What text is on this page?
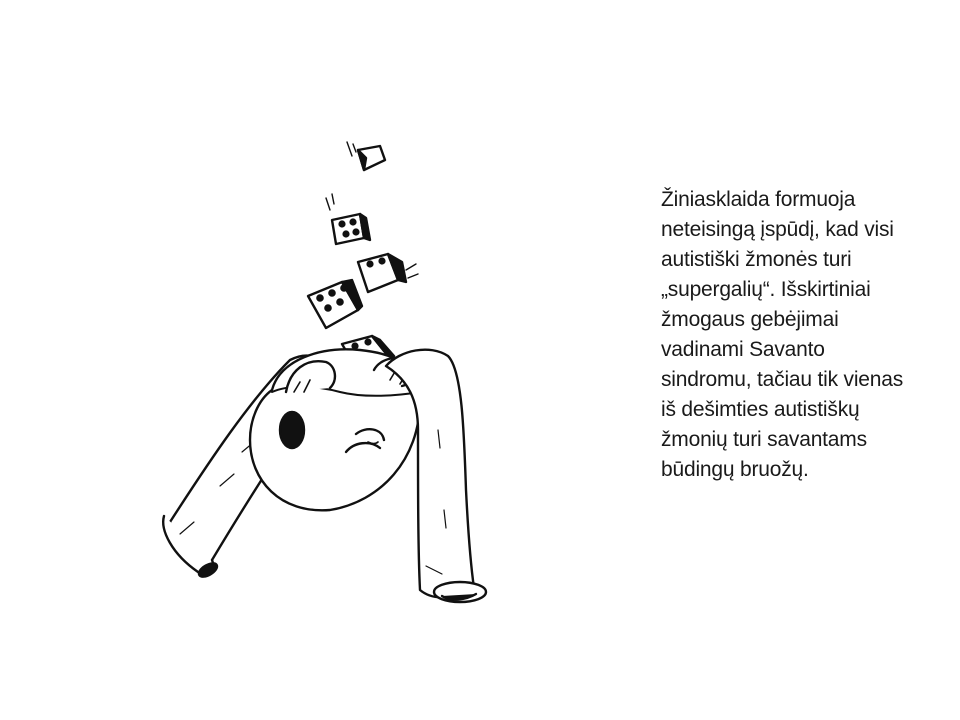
Žiniasklaida formuoja
neteisingą įspūdį, kad visi
autistiški žmonės turi
„supergalių“. Išskirtiniai
žmogaus gebėjimai
vadinami Savanto
sindromu, tačiau tik vienas
iš dešimties autistiškų
žmonių turi savantams
būdingų bruožų.
